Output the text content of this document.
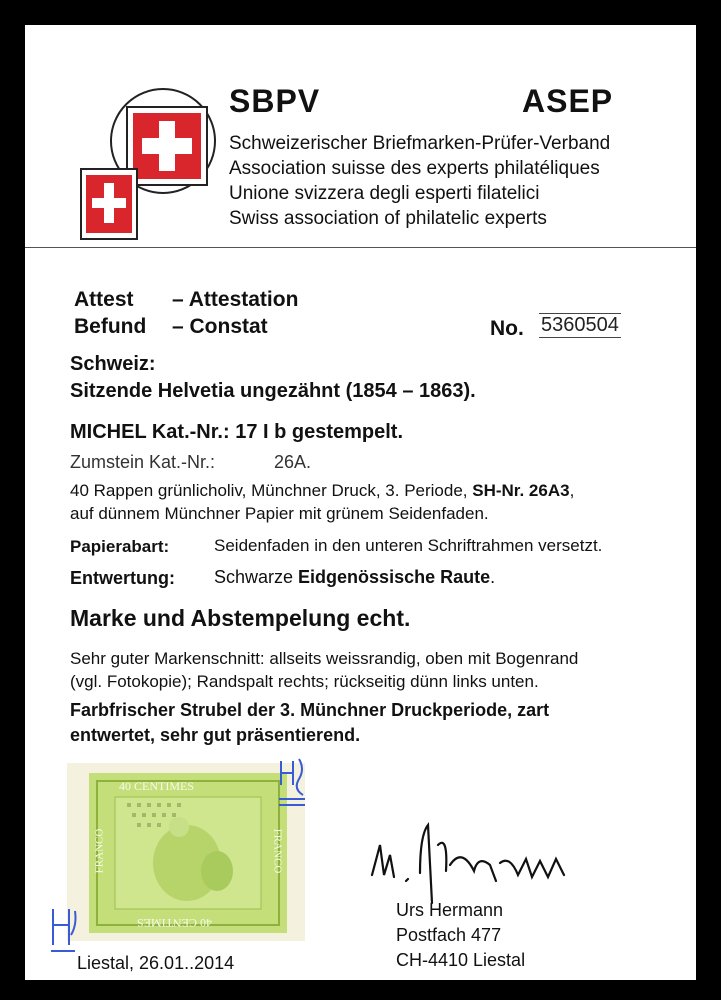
SBPV	ASEP
Schweizerischer Briefmarken-Prüfer-Verband
Association suisse des experts philatéliques
Unione svizzera degli esperti filatelici
Swiss association of philatelic experts
Attest – Attestation
Befund – Constat	No. 5360504
Schweiz:
Sitzende Helvetia ungezähnt (1854 – 1863).
MICHEL Kat.-Nr.: 17 I b gestempelt.
Zumstein Kat.-Nr.:	26A.
40 Rappen grünlicholiv, Münchner Druck, 3. Periode, SH-Nr. 26A3,
auf dünnem Münchner Papier mit grünem Seidenfaden.
Papierabart:	Seidenfaden in den unteren Schriftrahmen versetzt.
Entwertung: Schwarze Eidgenössische Raute.
Marke und Abstempelung echt.
Sehr guter Markenschnitt: allseits weissrandig, oben mit Bogenrand
(vgl. Fotokopie); Randspalt rechts; rückseitig dünn links unten.
Farbfrischer Strubel der 3. Münchner Druckperiode, zart
entwertet, sehr gut präsentierend.
40 CENTIMES
40 CENTIMES
FRANCO	FRANCO
Liestal, 26.01..2014
Urs Hermann
Postfach 477
CH-4410 Liestal
